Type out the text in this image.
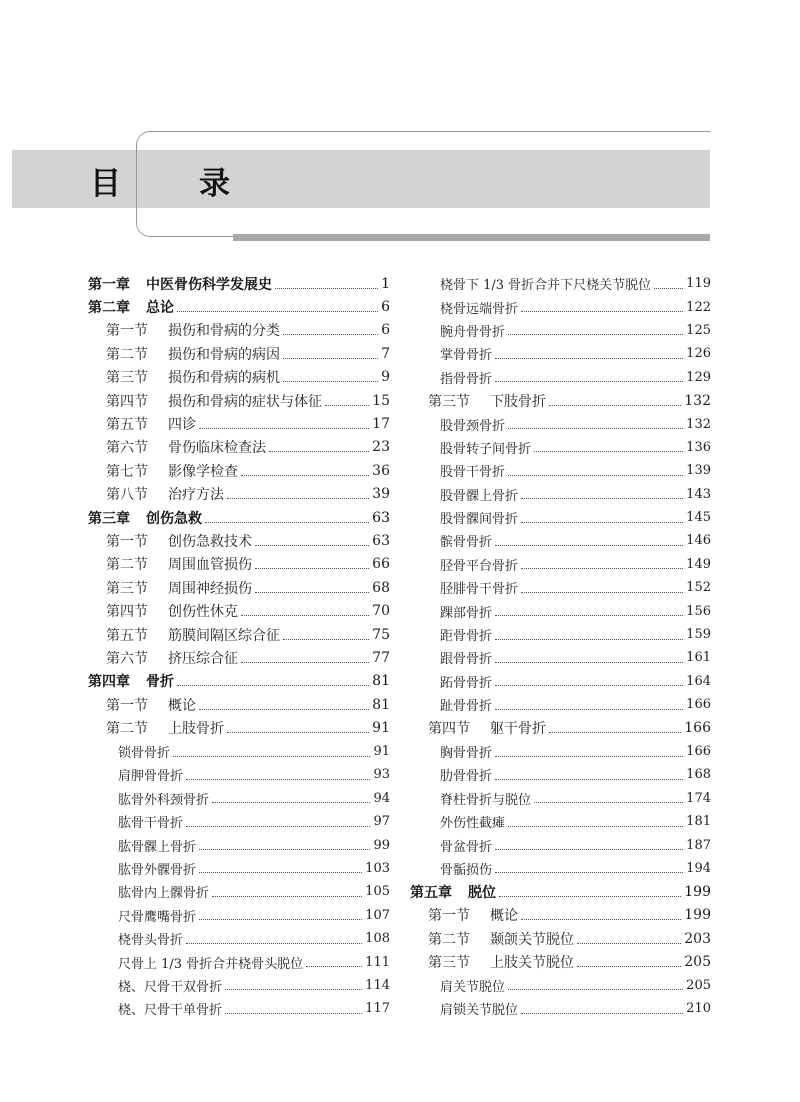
目	录
第一章	中医骨伤科学发展史	1
第二章	总论	6
第一节	损伤和骨病的分类	6
第二节	损伤和骨病的病因	7
第三节	损伤和骨病的病机	9
第四节	损伤和骨病的症状与体征	15
第五节	四诊	17
第六节	骨伤临床检查法	23
第七节	影像学检查	36
第八节	治疗方法	39
第三章	创伤急救	63
第一节	创伤急救技术	63
第二节	周围血管损伤	66
第三节	周围神经损伤	68
第四节	创伤性休克	70
第五节	筋膜间隔区综合征	75
第六节	挤压综合征	77
第四章	骨折	81
第一节	概论	81
第二节	上肢骨折	91
锁骨骨折	91
肩胛骨骨折	93
肱骨外科颈骨折	94
肱骨干骨折	97
肱骨髁上骨折	99
肱骨外髁骨折	103
肱骨内上髁骨折	105
尺骨鹰嘴骨折	107
桡骨头骨折	108
尺骨上 1/3 骨折合并桡骨头脱位	111
桡、尺骨干双骨折	114
桡、尺骨干单骨折	117
桡骨下 1/3 骨折合并下尺桡关节脱位	119
桡骨远端骨折	122
腕舟骨骨折	125
掌骨骨折	126
指骨骨折	129
第三节	下肢骨折	132
股骨颈骨折	132
股骨转子间骨折	136
股骨干骨折	139
股骨髁上骨折	143
股骨髁间骨折	145
髌骨骨折	146
胫骨平台骨折	149
胫腓骨干骨折	152
踝部骨折	156
距骨骨折	159
跟骨骨折	161
跖骨骨折	164
趾骨骨折	166
第四节	躯干骨折	166
胸骨骨折	166
肋骨骨折	168
脊柱骨折与脱位	174
外伤性截瘫	181
骨盆骨折	187
骨骺损伤	194
第五章	脱位	199
第一节	概论	199
第二节	颞颌关节脱位	203
第三节	上肢关节脱位	205
肩关节脱位	205
肩锁关节脱位	210
